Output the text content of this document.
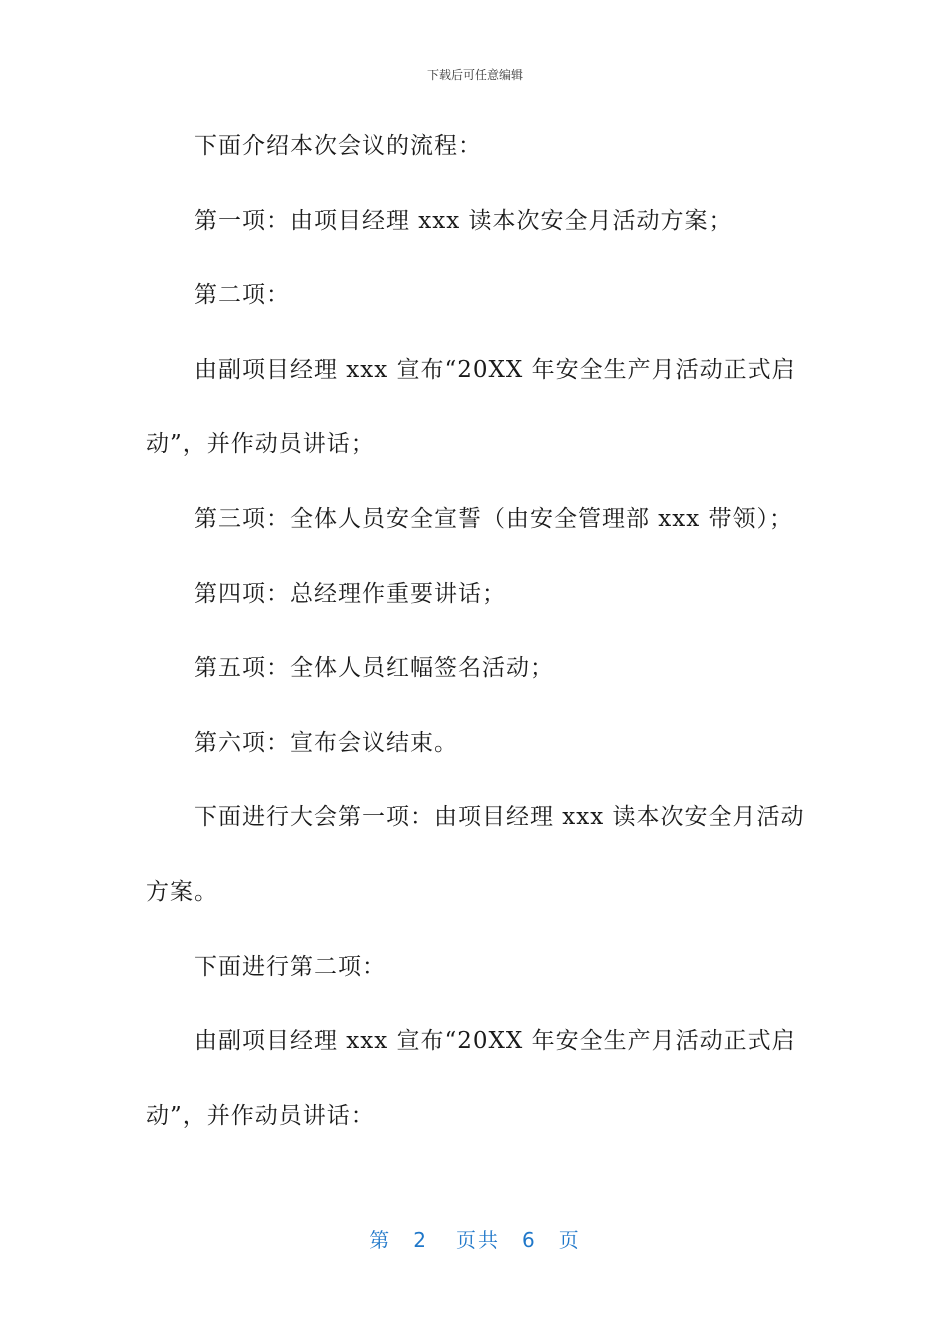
下载后可任意编辑
下面介绍本次会议的流程：
第一项：由项目经理 xxx 读本次安全月活动方案；
第二项：
由副项目经理 xxx 宣布“20XX 年安全生产月活动正式启
动”，并作动员讲话；
第三项：全体人员安全宣誓（由安全管理部 xxx 带领）；
第四项：总经理作重要讲话；
第五项：全体人员红幅签名活动；
第六项：宣布会议结束。
下面进行大会第一项：由项目经理 xxx 读本次安全月活动
方案。
下面进行第二项：
由副项目经理 xxx 宣布“20XX 年安全生产月活动正式启
动”，并作动员讲话：
第 2 页共 6 页
